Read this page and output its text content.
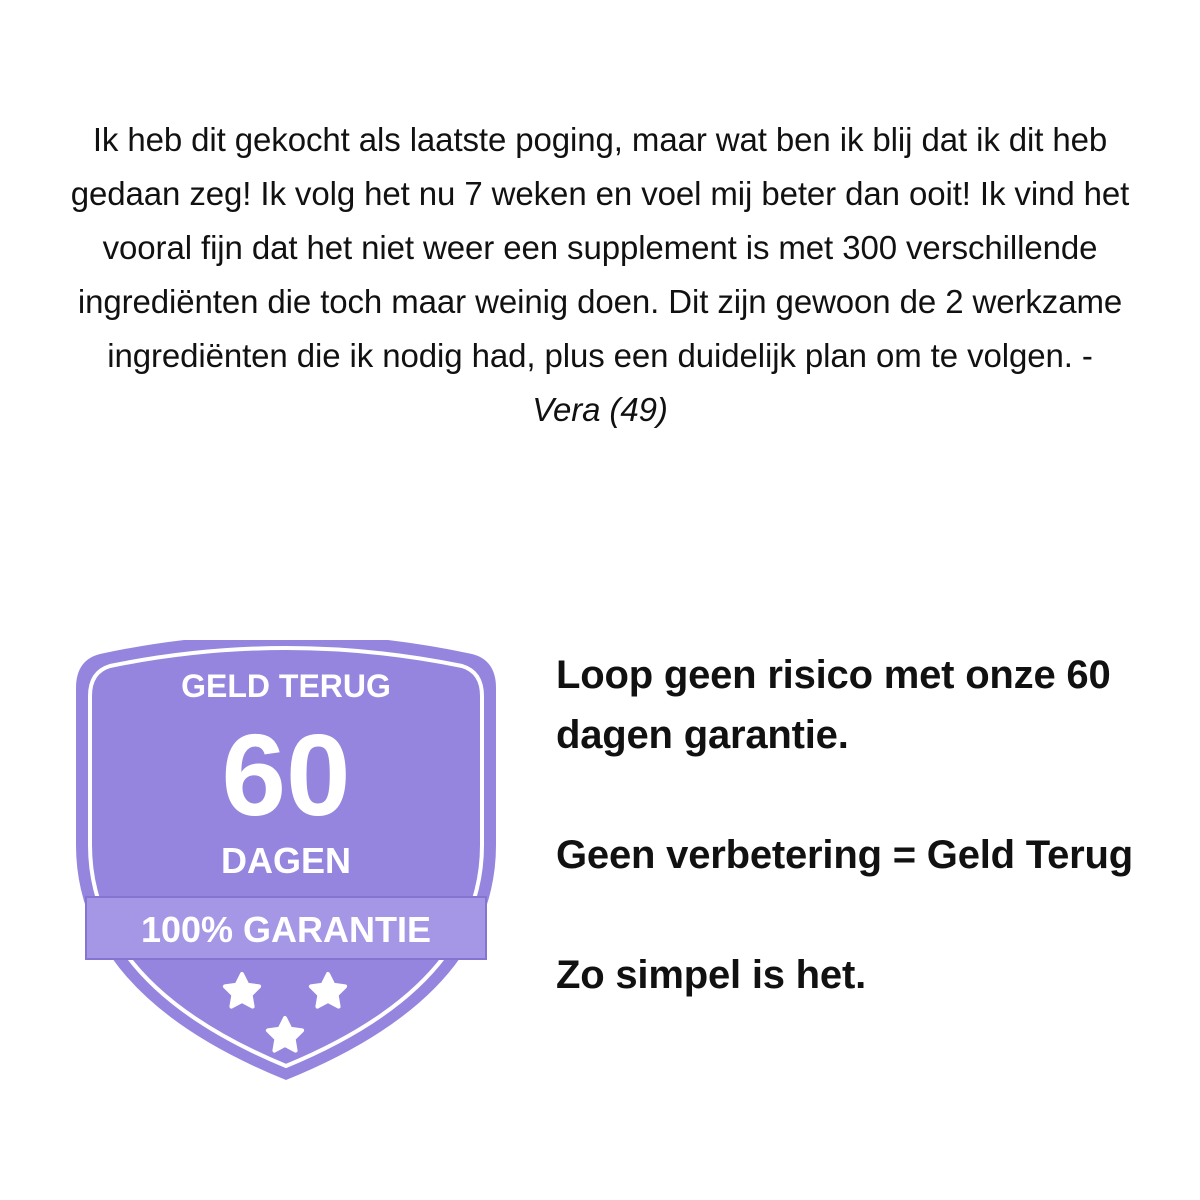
Ik heb dit gekocht als laatste poging, maar wat ben ik blij dat ik dit heb gedaan zeg! Ik volg het nu 7 weken en voel mij beter dan ooit! Ik vind het vooral fijn dat het niet weer een supplement is met 300 verschillende ingrediënten die toch maar weinig doen. Dit zijn gewoon de 2 werkzame ingrediënten die ik nodig had, plus een duidelijk plan om te volgen. - Vera (49)
GELD TERUG
60
DAGEN
100% GARANTIE

Loop geen risico met onze 60 dagen garantie.

Geen verbetering = Geld Terug

Zo simpel is het.
